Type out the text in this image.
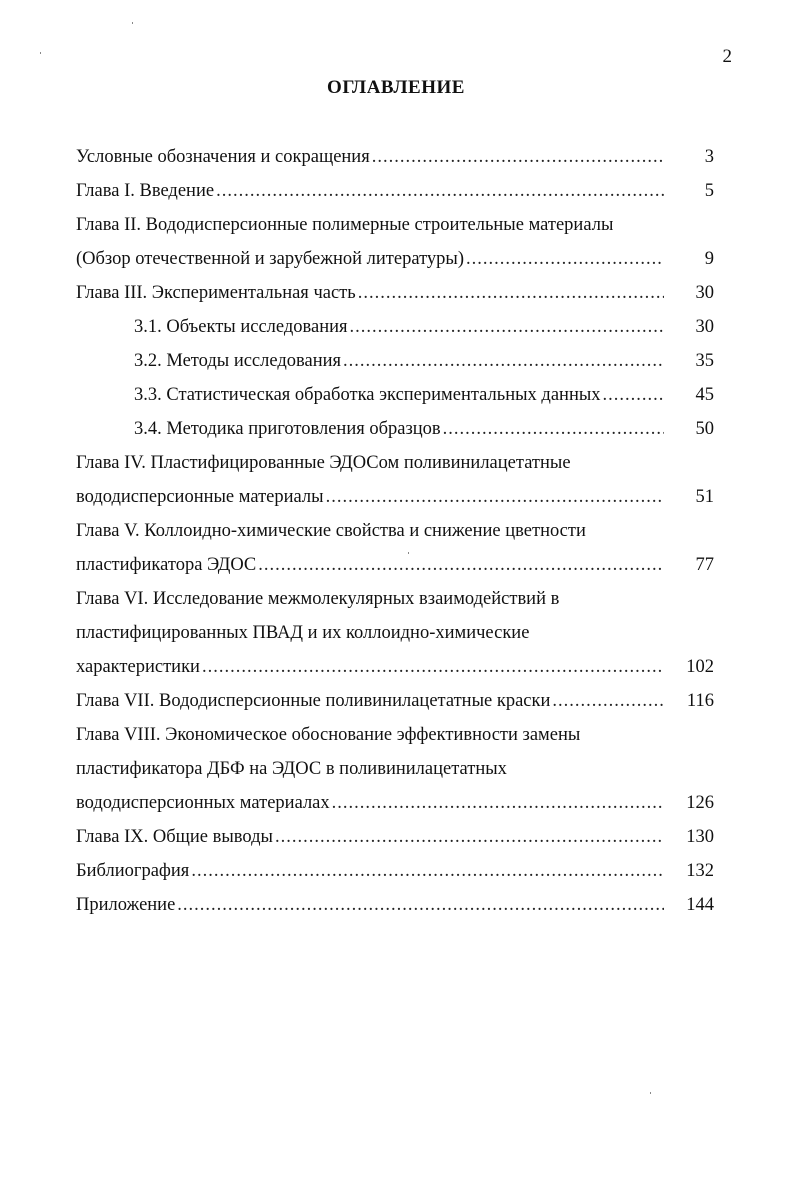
2
ОГЛАВЛЕНИЕ
Условные обозначения и сокращения .....	3
Глава I. Введение .....	5
Глава II. Вододисперсионные полимерные строительные материалы
(Обзор отечественной и зарубежной литературы) .....	9
Глава III. Экспериментальная часть .....	30
3.1. Объекты исследования .....	30
3.2. Методы исследования .....	35
3.3. Статистическая обработка экспериментальных данных .....	45
3.4. Методика приготовления образцов .....	50
Глава IV. Пластифицированные ЭДОСом поливинилацетатные
вододисперсионные материалы .....	51
Глава V. Коллоидно-химические свойства и снижение цветности
пластификатора ЭДОС .....	77
Глава VI. Исследование межмолекулярных взаимодействий в
пластифицированных ПВАД и их коллоидно-химические
характеристики .....	102
Глава VII. Вододисперсионные поливинилацетатные краски .....	116
Глава VIII. Экономическое обоснование эффективности замены
пластификатора ДБФ на ЭДОС в поливинилацетатных
вододисперсионных материалах .....	126
Глава IX. Общие выводы .....	130
Библиография .....	132
Приложение .....	144
